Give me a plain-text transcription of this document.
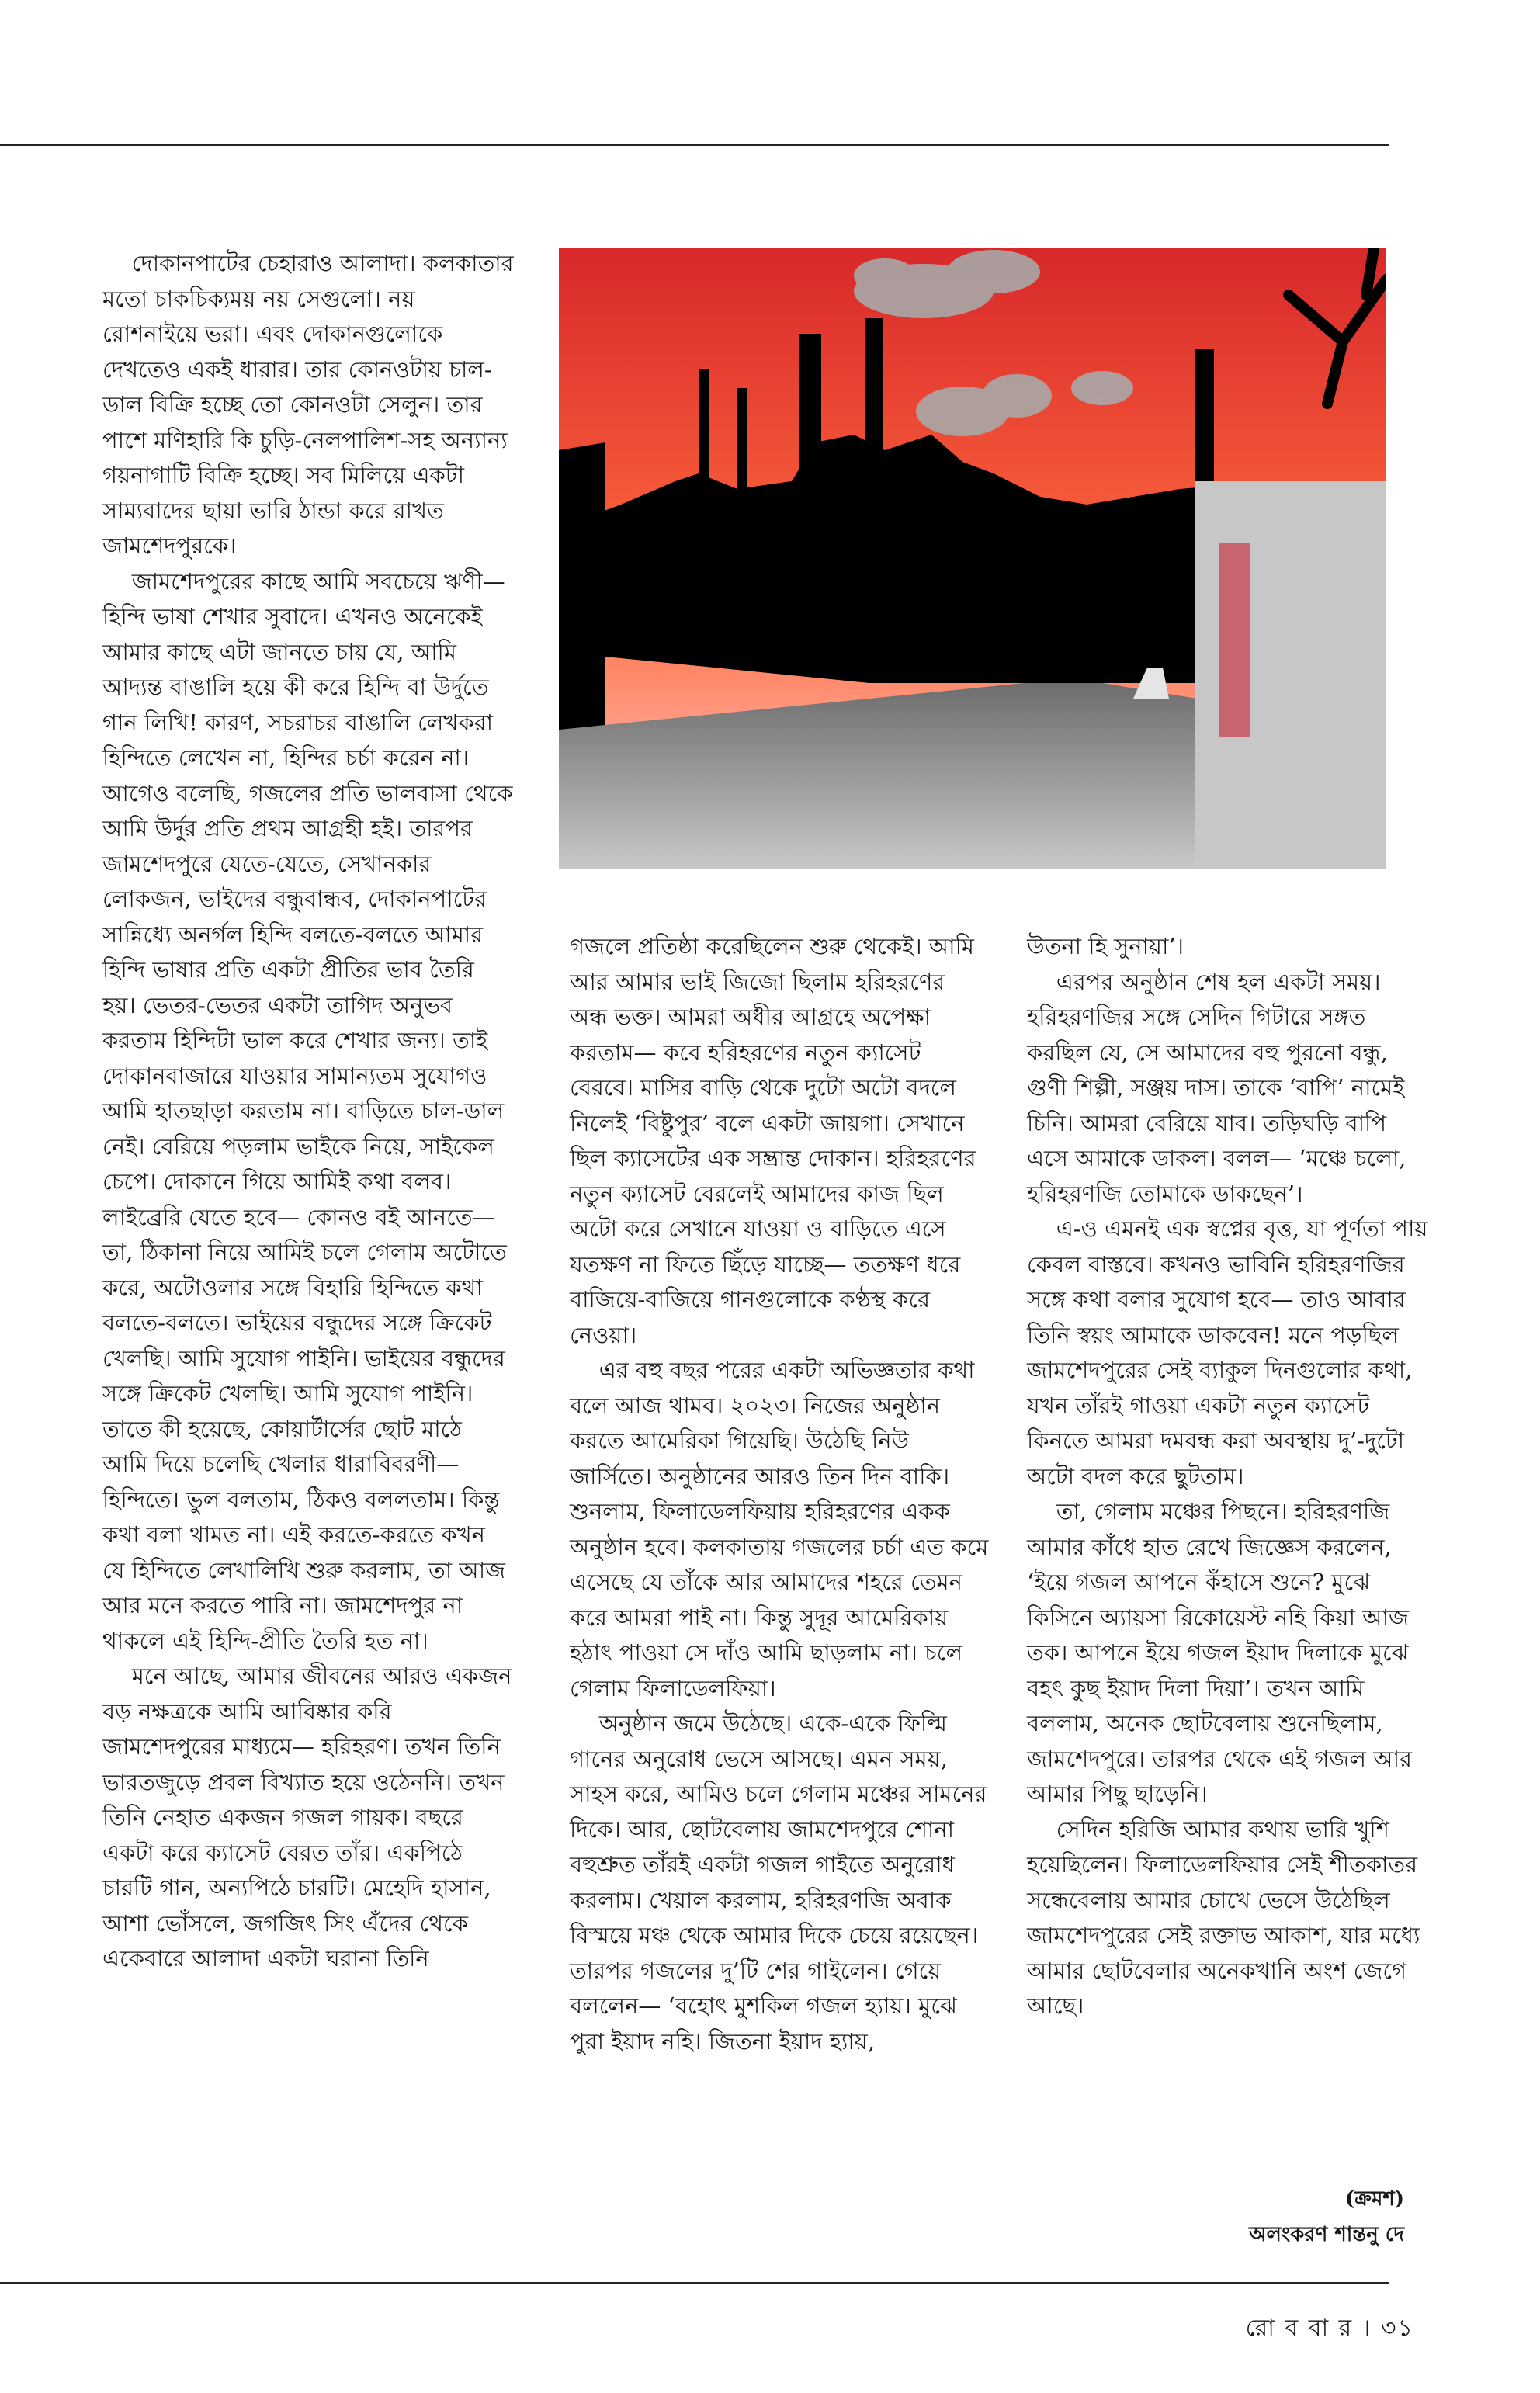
দোকানপাটের চেহারাও আলাদা। কলকাতার মতো চাকচিক্যময় নয় সেগুলো। নয় রোশনাইয়ে ভরা। এবং দোকানগুলোকে দেখতেও একই ধারার। তার কোনওটায় চাল-ডাল বিক্রি হচ্ছে তো কোনওটা সেলুন। তার পাশে মণিহারি কি চুড়ি-নেলপালিশ-সহ অন্যান্য গয়নাগাটি বিক্রি হচ্ছে। সব মিলিয়ে একটা সাম্যবাদের ছায়া ভারি ঠান্ডা করে রাখত জামশেদপুরকে।

জামশেদপুরের কাছে আমি সবচেয়ে ঋণী— হিন্দি ভাষা শেখার সুবাদে। এখনও অনেকেই আমার কাছে এটা জানতে চায় যে, আমি আদ্যন্ত বাঙালি হয়ে কী করে হিন্দি বা উর্দুতে গান লিখি! কারণ, সচরাচর বাঙালি লেখকরা হিন্দিতে লেখেন না, হিন্দির চর্চা করেন না। আগেও বলেছি, গজলের প্রতি ভালবাসা থেকে আমি উর্দুর প্রতি প্রথম আগ্রহী হই। তারপর জামশেদপুরে যেতে-যেতে, সেখানকার লোকজন, ভাইদের বন্ধুবান্ধব, দোকানপাটের সান্নিধ্যে অনর্গল হিন্দি বলতে-বলতে আমার হিন্দি ভাষার প্রতি একটা প্রীতির ভাব তৈরি হয়। ভেতর-ভেতর একটা তাগিদ অনুভব করতাম হিন্দিটা ভাল করে শেখার জন্য। তাই দোকানবাজারে যাওয়ার সামান্যতম সুযোগও আমি হাতছাড়া করতাম না। বাড়িতে চাল-ডাল নেই। বেরিয়ে পড়লাম ভাইকে নিয়ে, সাইকেল চেপে। দোকানে গিয়ে আমিই কথা বলব। লাইব্রেরি যেতে হবে— কোনও বই আনতে— তা, ঠিকানা নিয়ে আমিই চলে গেলাম অটোতে করে, অটোওলার সঙ্গে বিহারি হিন্দিতে কথা বলতে-বলতে। ভাইয়ের বন্ধুদের সঙ্গে ক্রিকেট খেলছি। আমি সুযোগ পাইনি। ভাইয়ের বন্ধুদের সঙ্গে ক্রিকেট খেলছি। আমি সুযোগ পাইনি। তাতে কী হয়েছে, কোয়ার্টার্সের ছোট মাঠে আমি দিয়ে চলেছি খেলার ধারাবিবরণী— হিন্দিতে। ভুল বলতাম, ঠিকও বললতাম। কিন্তু কথা বলা থামত না। এই করতে-করতে কখন যে হিন্দিতে লেখালিখি শুরু করলাম, তা আজ আর মনে করতে পারি না। জামশেদপুর না থাকলে এই হিন্দি-প্রীতি তৈরি হত না।

মনে আছে, আমার জীবনের আরও একজন বড় নক্ষত্রকে আমি আবিষ্কার করি জামশেদপুরের মাধ্যমে— হরিহরণ। তখন তিনি ভারতজুড়ে প্রবল বিখ্যাত হয়ে ওঠেননি। তখন তিনি নেহাত একজন গজল গায়ক। বছরে একটা করে ক্যাসেট বেরত তাঁর। একপিঠে চারটি গান, অন্যপিঠে চারটি। মেহেদি হাসান, আশা ভোঁসলে, জগজিৎ সিং এঁদের থেকে একেবারে আলাদা একটা ঘরানা তিনি

গজলে প্রতিষ্ঠা করেছিলেন শুরু থেকেই। আমি আর আমার ভাই জিজো ছিলাম হরিহরণের অন্ধ ভক্ত। আমরা অধীর আগ্রহে অপেক্ষা করতাম— কবে হরিহরণের নতুন ক্যাসেট বেরবে। মাসির বাড়ি থেকে দুটো অটো বদলে নিলেই ‘বিষ্টুপুর’ বলে একটা জায়গা। সেখানে ছিল ক্যাসেটের এক সম্ভ্রান্ত দোকান। হরিহরণের নতুন ক্যাসেট বেরলেই আমাদের কাজ ছিল অটো করে সেখানে যাওয়া ও বাড়িতে এসে যতক্ষণ না ফিতে ছিঁড়ে যাচ্ছে— ততক্ষণ ধরে বাজিয়ে-বাজিয়ে গানগুলোকে কণ্ঠস্থ করে নেওয়া।

এর বহু বছর পরের একটা অভিজ্ঞতার কথা বলে আজ থামব। ২০২৩। নিজের অনুষ্ঠান করতে আমেরিকা গিয়েছি। উঠেছি নিউ জার্সিতে। অনুষ্ঠানের আরও তিন দিন বাকি। শুনলাম, ফিলাডেলফিয়ায় হরিহরণের একক অনুষ্ঠান হবে। কলকাতায় গজলের চর্চা এত কমে এসেছে যে তাঁকে আর আমাদের শহরে তেমন করে আমরা পাই না। কিন্তু সুদূর আমেরিকায় হঠাৎ পাওয়া সে দাঁও আমি ছাড়লাম না। চলে গেলাম ফিলাডেলফিয়া।

অনুষ্ঠান জমে উঠেছে। একে-একে ফিল্মি গানের অনুরোধ ভেসে আসছে। এমন সময়, সাহস করে, আমিও চলে গেলাম মঞ্চের সামনের দিকে। আর, ছোটবেলায় জামশেদপুরে শোনা বহুশ্রুত তাঁরই একটা গজল গাইতে অনুরোধ করলাম। খেয়াল করলাম, হরিহরণজি অবাক বিস্ময়ে মঞ্চ থেকে আমার দিকে চেয়ে রয়েছেন। তারপর গজলের দু’টি শের গাইলেন। গেয়ে বললেন— ‘বহোৎ মুশকিল গজল হ্যায়। মুঝে পুরা ইয়াদ নহি। জিতনা ইয়াদ হ্যায়,

উতনা হি সুনায়া’।

এরপর অনুষ্ঠান শেষ হল একটা সময়। হরিহরণজির সঙ্গে সেদিন গিটারে সঙ্গত করছিল যে, সে আমাদের বহু পুরনো বন্ধু, গুণী শিল্পী, সঞ্জয় দাস। তাকে ‘বাপি’ নামেই চিনি। আমরা বেরিয়ে যাব। তড়িঘড়ি বাপি এসে আমাকে ডাকল। বলল— ‘মঞ্চে চলো, হরিহরণজি তোমাকে ডাকছেন’।

এ-ও এমনই এক স্বপ্নের বৃত্ত, যা পূর্ণতা পায় কেবল বাস্তবে। কখনও ভাবিনি হরিহরণজির সঙ্গে কথা বলার সুযোগ হবে— তাও আবার তিনি স্বয়ং আমাকে ডাকবেন! মনে পড়ছিল জামশেদপুরের সেই ব্যাকুল দিনগুলোর কথা, যখন তাঁরই গাওয়া একটা নতুন ক্যাসেট কিনতে আমরা দমবন্ধ করা অবস্থায় দু’-দুটো অটো বদল করে ছুটতাম।

তা, গেলাম মঞ্চের পিছনে। হরিহরণজি আমার কাঁধে হাত রেখে জিজ্ঞেস করলেন, ‘ইয়ে গজল আপনে কঁহাসে শুনে? মুঝে কিসিনে অ্যায়সা রিকোয়েস্ট নহি কিয়া আজ তক। আপনে ইয়ে গজল ইয়াদ দিলাকে মুঝে বহৎ কুছ ইয়াদ দিলা দিয়া’। তখন আমি বললাম, অনেক ছোটবেলায় শুনেছিলাম, জামশেদপুরে। তারপর থেকে এই গজল আর আমার পিছু ছাড়েনি।

সেদিন হরিজি আমার কথায় ভারি খুশি হয়েছিলেন। ফিলাডেলফিয়ার সেই শীতকাতর সন্ধেবেলায় আমার চোখে ভেসে উঠেছিল জামশেদপুরের সেই রক্তাভ আকাশ, যার মধ্যে আমার ছোটবেলার অনেকখানি অংশ জেগে আছে।

(ক্রমশ)
অলংকরণ শান্তনু দে
রো ব বা র । ৩১
